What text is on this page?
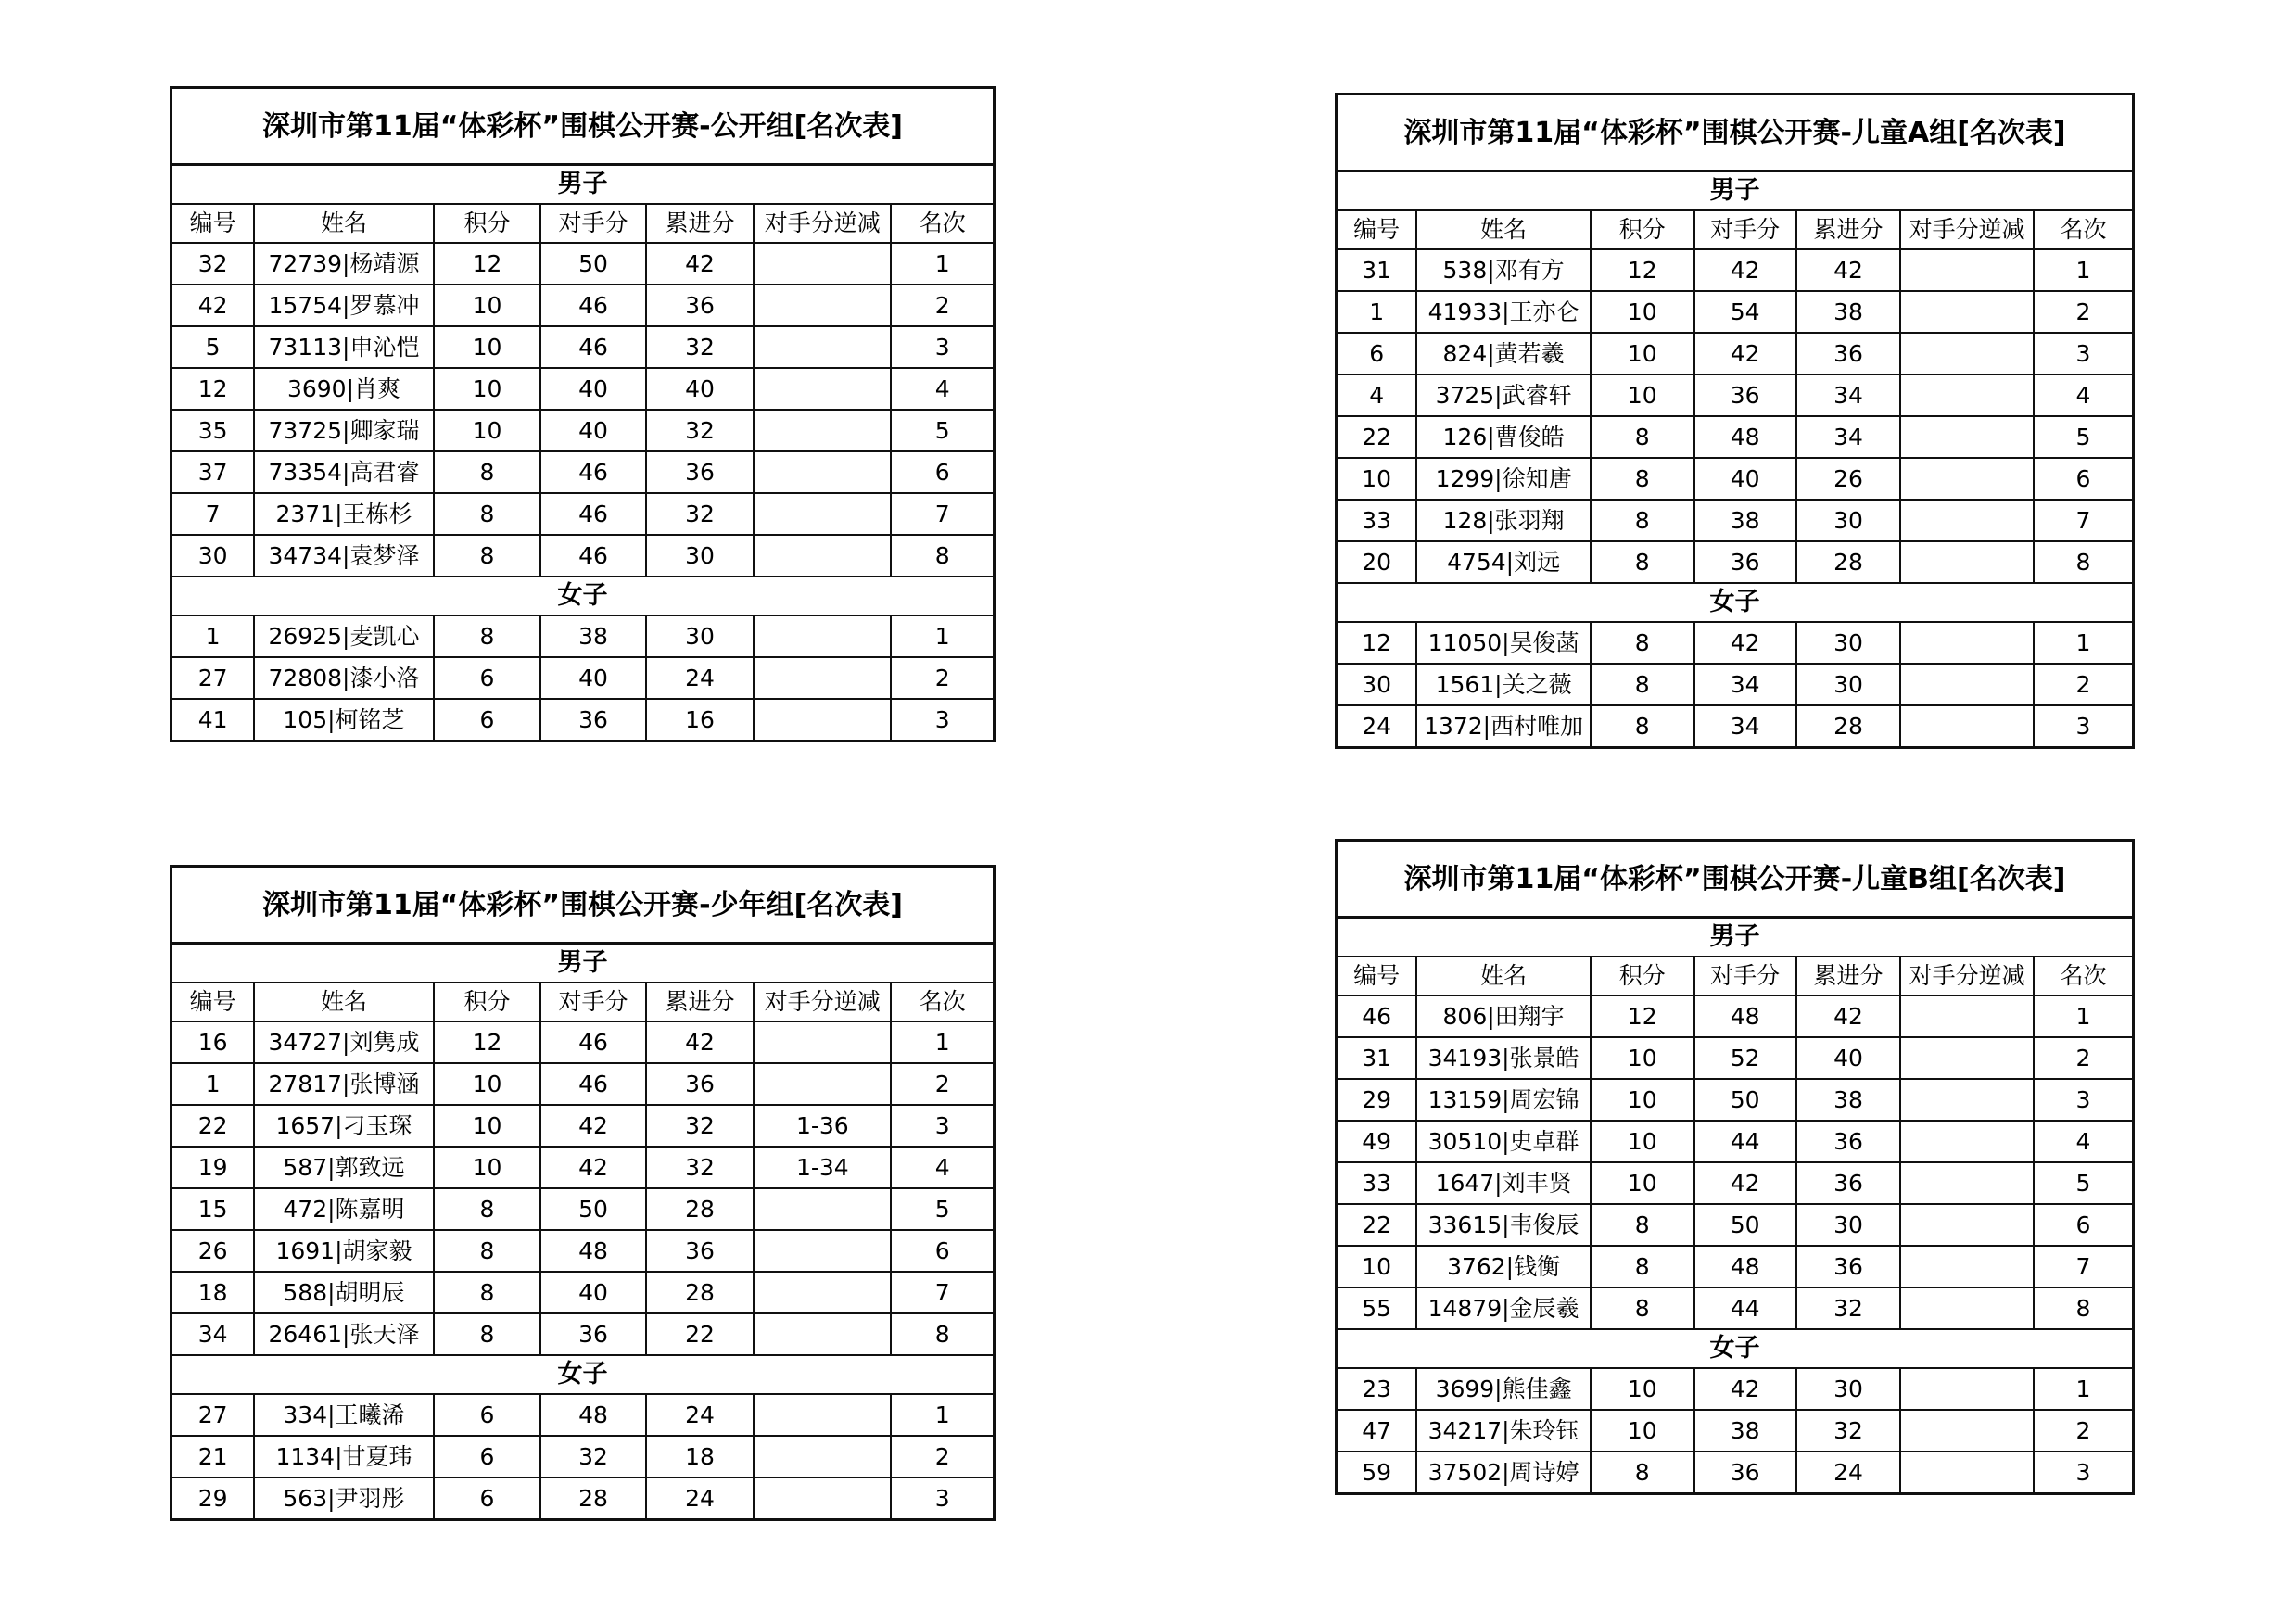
深圳市第11届“体彩杯”围棋公开赛-公开组[名次表]						
男子						
编号	姓名	积分	对手分	累进分	对手分逆减	名次
32	72739|杨靖源	12	50	42		1
42	15754|罗慕冲	10	46	36		2
5	73113|申沁恺	10	46	32		3
12	3690|肖爽	10	40	40		4
35	73725|卿家瑞	10	40	32		5
37	73354|高君睿	8	46	36		6
7	2371|王栋杉	8	46	32		7
30	34734|袁梦泽	8	46	30		8
女子						
1	26925|麦凯心	8	38	30		1
27	72808|漆小洛	6	40	24		2
41	105|柯铭芝	6	36	16		3
深圳市第11届“体彩杯”围棋公开赛-儿童A组[名次表]						
男子						
编号	姓名	积分	对手分	累进分	对手分逆减	名次
31	538|邓有方	12	42	42		1
1	41933|王亦仑	10	54	38		2
6	824|黄若羲	10	42	36		3
4	3725|武睿轩	10	36	34		4
22	126|曹俊皓	8	48	34		5
10	1299|徐知唐	8	40	26		6
33	128|张羽翔	8	38	30		7
20	4754|刘远	8	36	28		8
女子						
12	11050|吴俊菡	8	42	30		1
30	1561|关之薇	8	34	30		2
24	1372|西村唯加	8	34	28		3
深圳市第11届“体彩杯”围棋公开赛-少年组[名次表]						
男子						
编号	姓名	积分	对手分	累进分	对手分逆减	名次
16	34727|刘隽成	12	46	42		1
1	27817|张博涵	10	46	36		2
22	1657|刁玉琛	10	42	32	1-36	3
19	587|郭致远	10	42	32	1-34	4
15	472|陈嘉明	8	50	28		5
26	1691|胡家毅	8	48	36		6
18	588|胡明辰	8	40	28		7
34	26461|张天泽	8	36	22		8
女子						
27	334|王曦浠	6	48	24		1
21	1134|甘夏玮	6	32	18		2
29	563|尹羽彤	6	28	24		3
深圳市第11届“体彩杯”围棋公开赛-儿童B组[名次表]						
男子						
编号	姓名	积分	对手分	累进分	对手分逆减	名次
46	806|田翔宇	12	48	42		1
31	34193|张景皓	10	52	40		2
29	13159|周宏锦	10	50	38		3
49	30510|史卓群	10	44	36		4
33	1647|刘丰贤	10	42	36		5
22	33615|韦俊辰	8	50	30		6
10	3762|钱衡	8	48	36		7
55	14879|金辰羲	8	44	32		8
女子						
23	3699|熊佳鑫	10	42	30		1
47	34217|朱玲钰	10	38	32		2
59	37502|周诗婷	8	36	24		3
